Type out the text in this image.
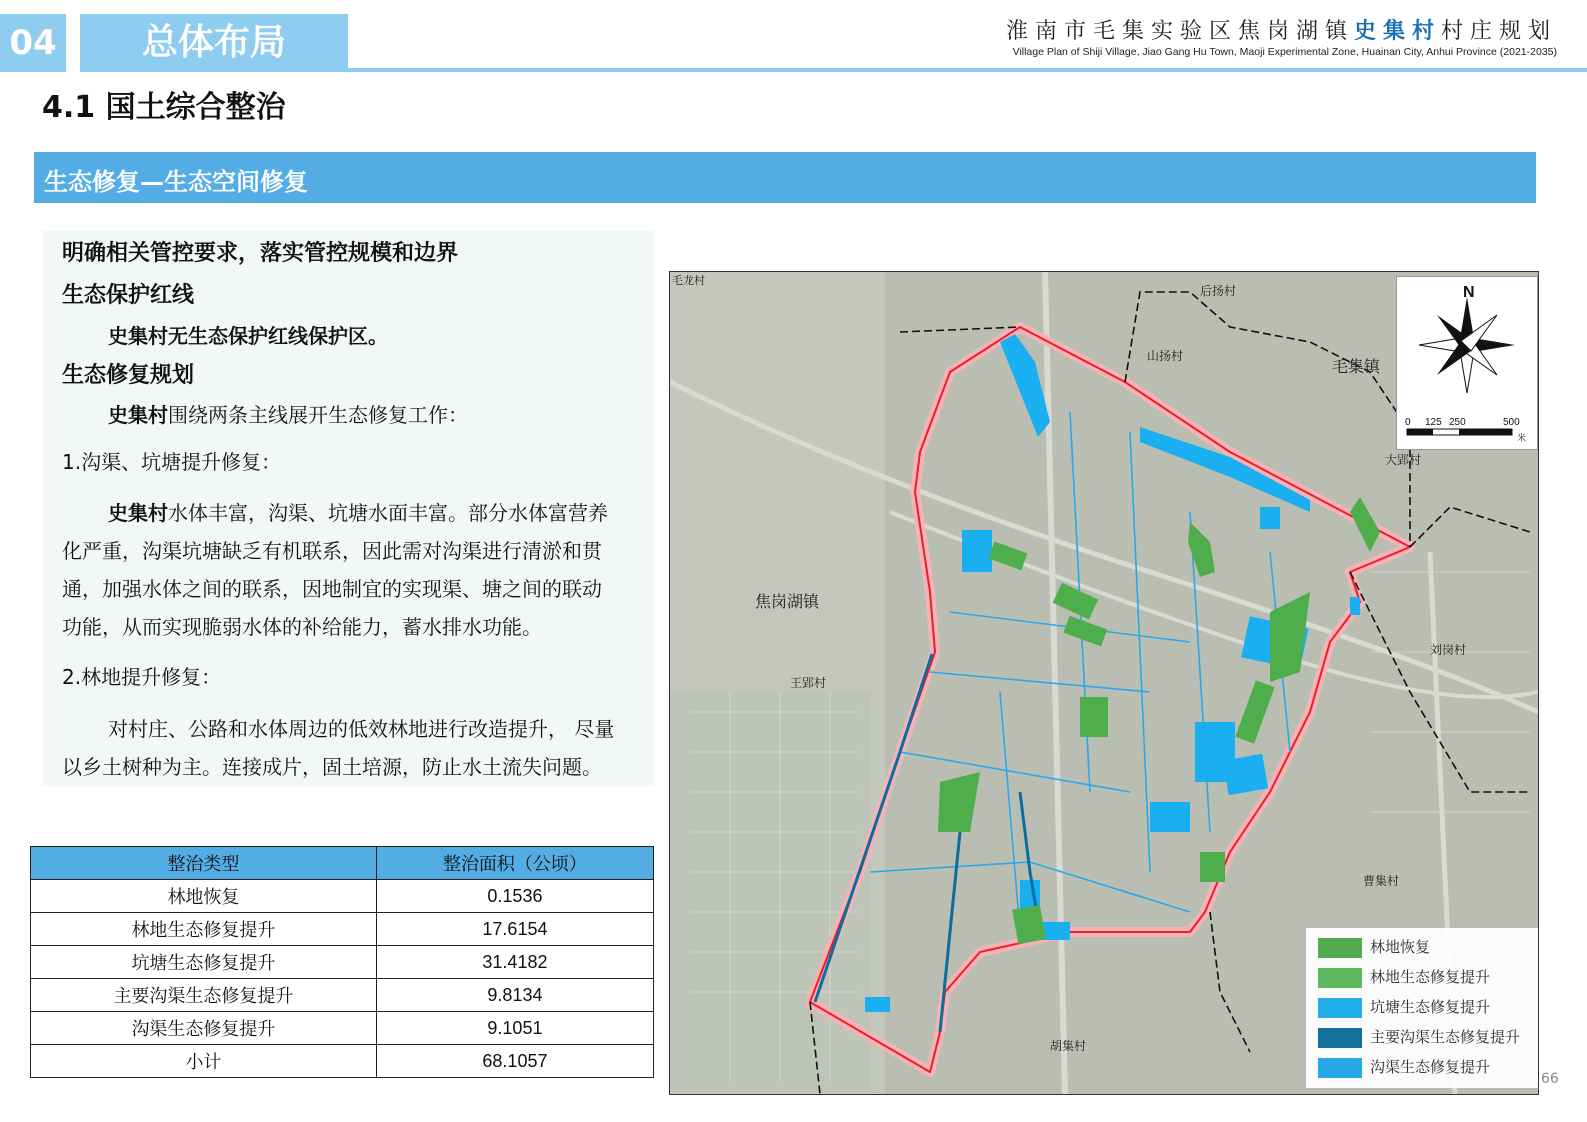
04	总体布局	淮南市毛集实验区焦岗湖镇史集村村庄规划
Village Plan of Shiji Village, Jiao Gang Hu Town, Maoji Experimental Zone, Huainan City, Anhui Province (2021-2035)
4.1 国土综合整治
生态修复—生态空间修复
明确相关管控要求，落实管控规模和边界
生态保护红线
史集村无生态保护红线保护区。
生态修复规划
史集村围绕两条主线展开生态修复工作：
1.沟渠、坑塘提升修复：
史集村水体丰富，沟渠、坑塘水面丰富。部分水体富营养
化严重，沟渠坑塘缺乏有机联系，因此需对沟渠进行清淤和贯
通，加强水体之间的联系，因地制宜的实现渠、塘之间的联动
功能，从而实现脆弱水体的补给能力，蓄水排水功能。
2.林地提升修复：
对村庄、公路和水体周边的低效林地进行改造提升， 尽量
以乡土树种为主。连接成片，固土培源，防止水土流失问题。
整治类型	整治面积（公顷）
林地恢复	0.1536
林地生态修复提升	17.6154
坑塘生态修复提升	31.4182
主要沟渠生态修复提升	9.8134
沟渠生态修复提升	9.1051
小计	68.1057
毛集镇
焦岗湖镇
后扬村
山扬村
大郢村
刘岗村
王郢村
曹集村
胡集村
毛龙村
N
0 125 250	500
米
林地恢复
林地生态修复提升
坑塘生态修复提升
主要沟渠生态修复提升
沟渠生态修复提升
66
